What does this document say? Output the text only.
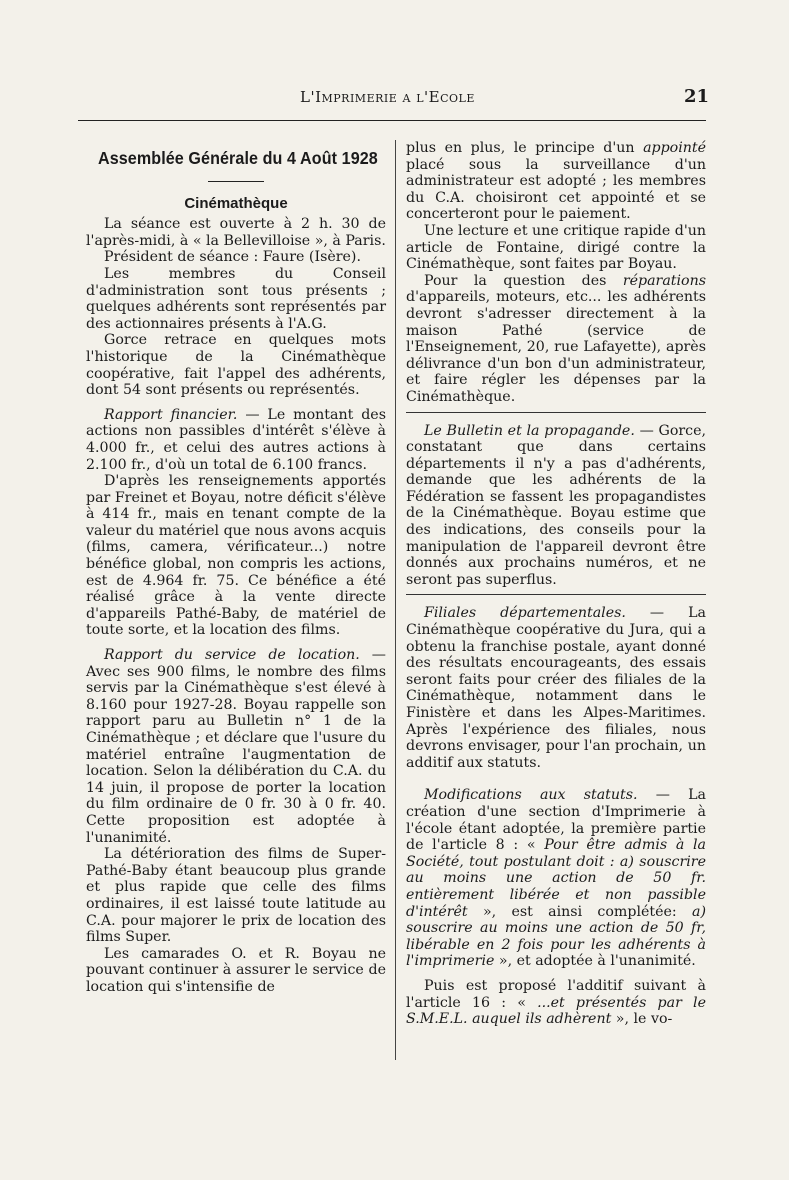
L'Imprimerie a l'Ecole	21
Assemblée Générale du 4 Août 1928
Cinémathèque

La séance est ouverte à 2 h. 30 de l'après-midi, à « la Bellevilloise », à Paris.

Président de séance : Faure (Isère).

Les membres du Conseil d'administration sont tous présents ; quelques adhérents sont représentés par des actionnaires présents à l'A.G.

Gorce retrace en quelques mots l'historique de la Cinémathèque coopérative, fait l'appel des adhérents, dont 54 sont présents ou représentés.

Rapport financier. — Le montant des actions non passibles d'intérêt s'élève à 4.000 fr., et celui des autres actions à 2.100 fr., d'où un total de 6.100 francs.

D'après les renseignements apportés par Freinet et Boyau, notre déficit s'élève à 414 fr., mais en tenant compte de la valeur du matériel que nous avons acquis (films, camera, vérificateur...) notre bénéfice global, non compris les actions, est de 4.964 fr. 75. Ce bénéfice a été réalisé grâce à la vente directe d'appareils Pathé-Baby, de matériel de toute sorte, et la location des films.

Rapport du service de location. — Avec ses 900 films, le nombre des films servis par la Cinémathèque s'est élevé à 8.160 pour 1927-28. Boyau rappelle son rapport paru au Bulletin n° 1 de la Cinémathèque ; et déclare que l'usure du matériel entraîne l'augmentation de location. Selon la délibération du C.A. du 14 juin, il propose de porter la location du film ordinaire de 0 fr. 30 à 0 fr. 40. Cette proposition est adoptée à l'unanimité.

La détérioration des films de Super-Pathé-Baby étant beaucoup plus grande et plus rapide que celle des films ordinaires, il est laissé toute latitude au C.A. pour majorer le prix de location des films Super.

Les camarades O. et R. Boyau ne pouvant continuer à assurer le service de location qui s'intensifie de

plus en plus, le principe d'un appointé placé sous la surveillance d'un administrateur est adopté ; les membres du C.A. choisiront cet appointé et se concerteront pour le paiement.

Une lecture et une critique rapide d'un article de Fontaine, dirigé contre la Cinémathèque, sont faites par Boyau.

Pour la question des réparations d'appareils, moteurs, etc... les adhérents devront s'adresser directement à la maison Pathé (service de l'Enseignement, 20, rue Lafayette), après délivrance d'un bon d'un administrateur, et faire régler les dépenses par la Cinémathèque.

Le Bulletin et la propagande. — Gorce, constatant que dans certains départements il n'y a pas d'adhérents, demande que les adhérents de la Fédération se fassent les propagandistes de la Cinémathèque. Boyau estime que des indications, des conseils pour la manipulation de l'appareil devront être donnés aux prochains numéros, et ne seront pas superflus.

Filiales départementales. — La Cinémathèque coopérative du Jura, qui a obtenu la franchise postale, ayant donné des résultats encourageants, des essais seront faits pour créer des filiales de la Cinémathèque, notamment dans le Finistère et dans les Alpes-Maritimes. Après l'expérience des filiales, nous devrons envisager, pour l'an prochain, un additif aux statuts.

Modifications aux statuts. — La création d'une section d'Imprimerie à l'école étant adoptée, la première partie de l'article 8 : « Pour être admis à la Société, tout postulant doit : a) souscrire au moins une action de 50 fr. entièrement libérée et non passible d'intérêt », est ainsi complétée: a) souscrire au moins une action de 50 fr, libérable en 2 fois pour les adhérents à l'imprimerie », et adoptée à l'unanimité.

Puis est proposé l'additif suivant à l'article 16 : « ...et présentés par le S.M.E.L. auquel ils adhèrent », le vo-
